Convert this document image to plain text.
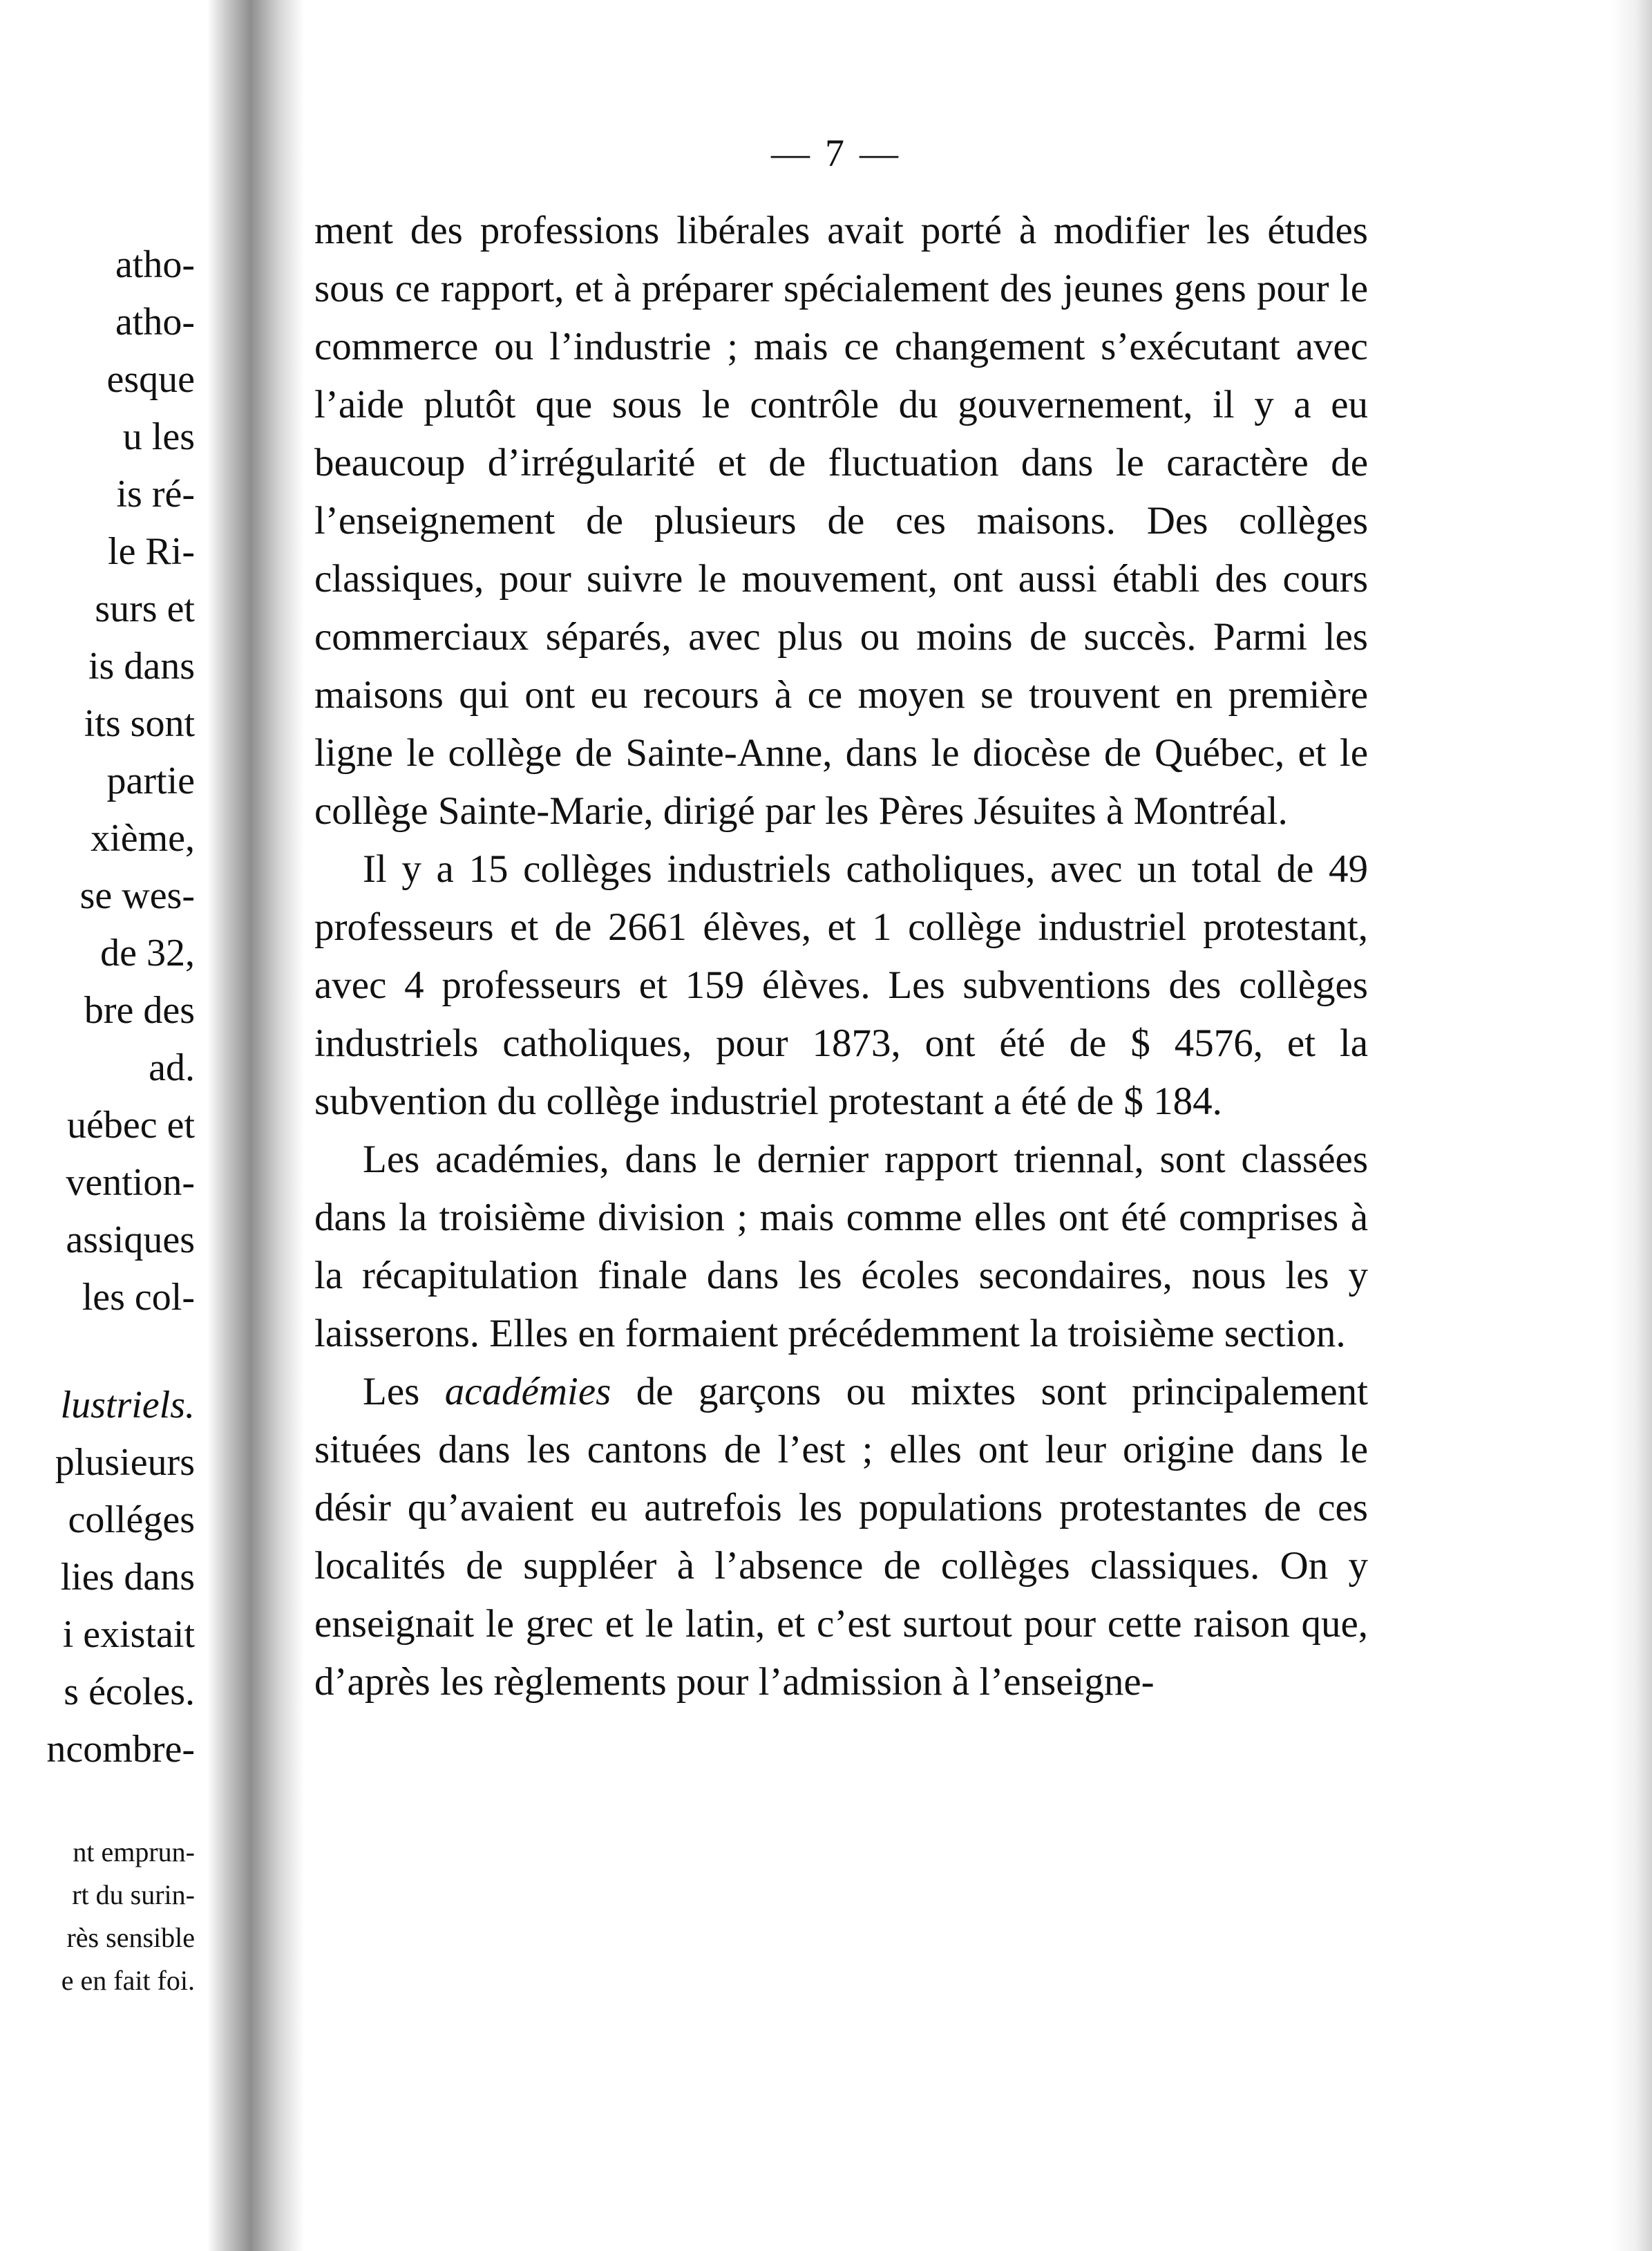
atho-
atho-
esque
u les
is ré-
le Ri-
surs et
is dans
its sont
partie
xième,
se wes-
de 32,
bre des
ad.
uébec et
vention-
assiques
les col-
lustriels.
plusieurs
colléges
lies dans
i existait
s écoles.
ncombre-
nt emprun-
rt du surin-
rès sensible
e en fait foi.
— 7 —

ment des professions libérales avait porté à modifier les études sous ce rapport, et à préparer spécialement des jeunes gens pour le commerce ou l’industrie ; mais ce changement s’exécutant avec l’aide plutôt que sous le contrôle du gouvernement, il y a eu beaucoup d’irrégularité et de fluctuation dans le caractère de l’enseignement de plusieurs de ces maisons. Des collèges classiques, pour suivre le mouvement, ont aussi établi des cours commerciaux séparés, avec plus ou moins de succès. Parmi les maisons qui ont eu recours à ce moyen se trouvent en première ligne le collège de Sainte-Anne, dans le diocèse de Québec, et le collège Sainte-Marie, dirigé par les Pères Jésuites à Montréal.

Il y a 15 collèges industriels catholiques, avec un total de 49 professeurs et de 2661 élèves, et 1 collège industriel protestant, avec 4 professeurs et 159 élèves. Les subventions des collèges industriels catholiques, pour 1873, ont été de $ 4576, et la subvention du collège industriel protestant a été de $ 184.

Les académies, dans le dernier rapport triennal, sont classées dans la troisième division ; mais comme elles ont été comprises à la récapitulation finale dans les écoles secondaires, nous les y laisserons. Elles en formaient précédemment la troisième section.

Les académies de garçons ou mixtes sont principalement situées dans les cantons de l’est ; elles ont leur origine dans le désir qu’avaient eu autrefois les populations protestantes de ces localités de suppléer à l’absence de collèges classiques. On y enseignait le grec et le latin, et c’est surtout pour cette raison que, d’après les règlements pour l’admission à l’enseigne-
